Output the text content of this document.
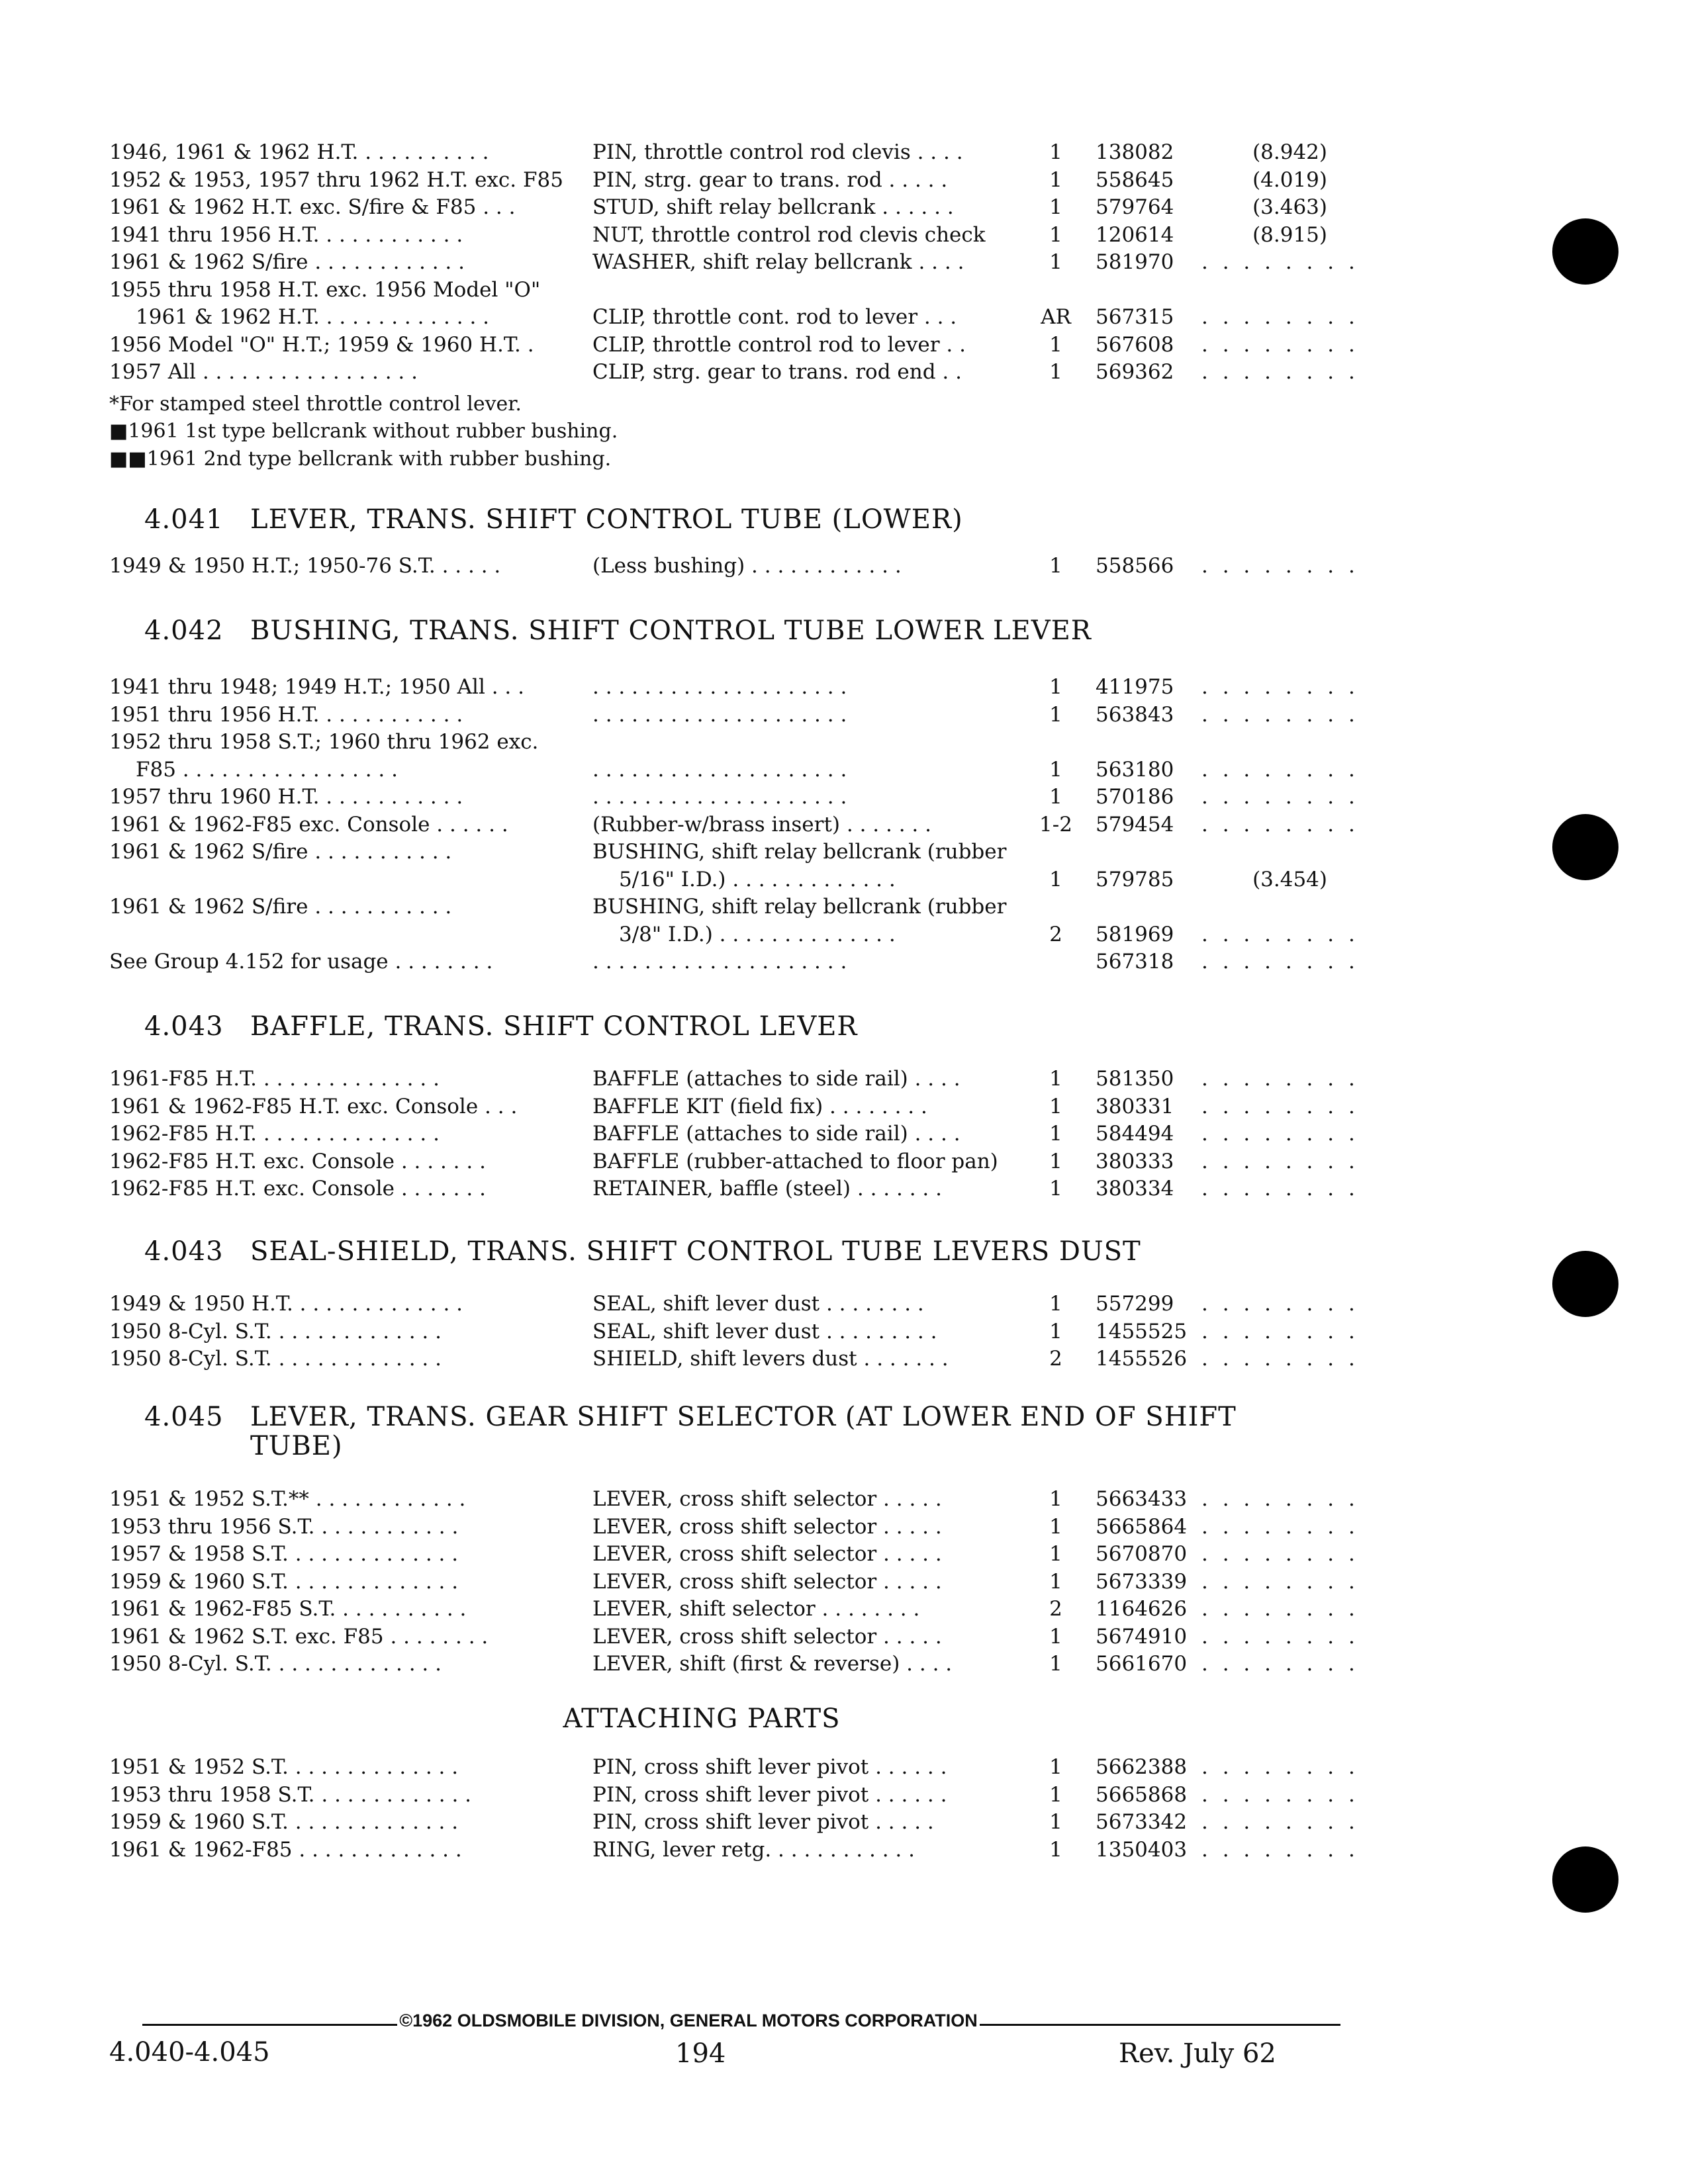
1946, 1961 & 1962 H.T. . . . . . . . . . .	PIN, throttle control rod clevis . . . .	1	138082	(8.942)
1952 & 1953, 1957 thru 1962 H.T. exc. F85 PIN, strg. gear to trans. rod . . . . .	1	558645	(4.019)
1961 & 1962 H.T. exc. S/fire & F85 . . .	STUD, shift relay bellcrank . . . . . .	1	579764	(3.463)
1941 thru 1956 H.T. . . . . . . . . . . .	NUT, throttle control rod clevis check	1	120614	(8.915)
1961 & 1962 S/fire . . . . . . . . . . . .	WASHER, shift relay bellcrank . . . .	1	581970	. . . . . . . .
1955 thru 1958 H.T. exc. 1956 Model "O"
1961 & 1962 H.T. . . . . . . . . . . . . .	CLIP, throttle cont. rod to lever . . .	AR	567315	. . . . . . . .
1956 Model "O" H.T.; 1959 & 1960 H.T. .	CLIP, throttle control rod to lever . .	1	567608	. . . . . . . .
1957 All . . . . . . . . . . . . . . . . .	CLIP, strg. gear to trans. rod end . .	1	569362	. . . . . . . .
*For stamped steel throttle control lever.
■1961 1st type bellcrank without rubber bushing.
■■1961 2nd type bellcrank with rubber bushing.
4.041 LEVER, TRANS. SHIFT CONTROL TUBE (LOWER)
1949 & 1950 H.T.; 1950-76 S.T. . . . . .	(Less bushing) . . . . . . . . . . . .	1	558566	. . . . . . . .
4.042 BUSHING, TRANS. SHIFT CONTROL TUBE LOWER LEVER
1941 thru 1948; 1949 H.T.; 1950 All . . .	. . . . . . . . . . . . . . . . . . . .	1	411975	. . . . . . . .
1951 thru 1956 H.T. . . . . . . . . . . .	. . . . . . . . . . . . . . . . . . . .	1	563843	. . . . . . . .
1952 thru 1958 S.T.; 1960 thru 1962 exc.
F85 . . . . . . . . . . . . . . . . .	. . . . . . . . . . . . . . . . . . . .	1	563180	. . . . . . . .
1957 thru 1960 H.T. . . . . . . . . . . .	. . . . . . . . . . . . . . . . . . . .	1	570186	. . . . . . . .
1961 & 1962-F85 exc. Console . . . . . .	(Rubber-w/brass insert) . . . . . . .	1-2	579454	. . . . . . . .
1961 & 1962 S/fire . . . . . . . . . . .	BUSHING, shift relay bellcrank (rubber
5/16" I.D.) . . . . . . . . . . . . .	1	579785	(3.454)
1961 & 1962 S/fire . . . . . . . . . . .	BUSHING, shift relay bellcrank (rubber
3/8" I.D.) . . . . . . . . . . . . . .	2	581969	. . . . . . . .
See Group 4.152 for usage . . . . . . . .	. . . . . . . . . . . . . . . . . . . .	567318	. . . . . . . .
4.043 BAFFLE, TRANS. SHIFT CONTROL LEVER
1961-F85 H.T. . . . . . . . . . . . . . .	BAFFLE (attaches to side rail) . . . .	1	581350	. . . . . . . .
1961 & 1962-F85 H.T. exc. Console . . .	BAFFLE KIT (field fix) . . . . . . . .	1	380331	. . . . . . . .
1962-F85 H.T. . . . . . . . . . . . . . .	BAFFLE (attaches to side rail) . . . .	1	584494	. . . . . . . .
1962-F85 H.T. exc. Console . . . . . . .	BAFFLE (rubber-attached to floor pan)	1	380333	. . . . . . . .
1962-F85 H.T. exc. Console . . . . . . .	RETAINER, baffle (steel) . . . . . . .	1	380334	. . . . . . . .
4.043 SEAL-SHIELD, TRANS. SHIFT CONTROL TUBE LEVERS DUST
1949 & 1950 H.T. . . . . . . . . . . . . .	SEAL, shift lever dust . . . . . . . .	1	557299	. . . . . . . .
1950 8-Cyl. S.T. . . . . . . . . . . . . .	SEAL, shift lever dust . . . . . . . . .	1	1455525 . . . . . . . .
1950 8-Cyl. S.T. . . . . . . . . . . . . .	SHIELD, shift levers dust . . . . . . .	2	1455526 . . . . . . . .
4.045 LEVER, TRANS. GEAR SHIFT SELECTOR (AT LOWER END OF SHIFT
TUBE)
1951 & 1952 S.T.** . . . . . . . . . . . .	LEVER, cross shift selector . . . . .	1	5663433 . . . . . . . .
1953 thru 1956 S.T. . . . . . . . . . . .	LEVER, cross shift selector . . . . .	1	5665864 . . . . . . . .
1957 & 1958 S.T. . . . . . . . . . . . . .	LEVER, cross shift selector . . . . .	1	5670870 . . . . . . . .
1959 & 1960 S.T. . . . . . . . . . . . . .	LEVER, cross shift selector . . . . .	1	5673339 . . . . . . . .
1961 & 1962-F85 S.T. . . . . . . . . . .	LEVER, shift selector . . . . . . . .	2	1164626 . . . . . . . .
1961 & 1962 S.T. exc. F85 . . . . . . . .	LEVER, cross shift selector . . . . .	1	5674910 . . . . . . . .
1950 8-Cyl. S.T. . . . . . . . . . . . . .	LEVER, shift (first & reverse) . . . .	1	5661670 . . . . . . . .
ATTACHING PARTS
1951 & 1952 S.T. . . . . . . . . . . . . .	PIN, cross shift lever pivot . . . . . .	1	5662388 . . . . . . . .
1953 thru 1958 S.T. . . . . . . . . . . . .	PIN, cross shift lever pivot . . . . . .	1	5665868 . . . . . . . .
1959 & 1960 S.T. . . . . . . . . . . . . .	PIN, cross shift lever pivot . . . . .	1	5673342 . . . . . . . .
1961 & 1962-F85 . . . . . . . . . . . . .	RING, lever retg. . . . . . . . . . . .	1	1350403 . . . . . . . .
©1962 OLDSMOBILE DIVISION, GENERAL MOTORS CORPORATION
4.040-4.045	194	Rev. July 62
